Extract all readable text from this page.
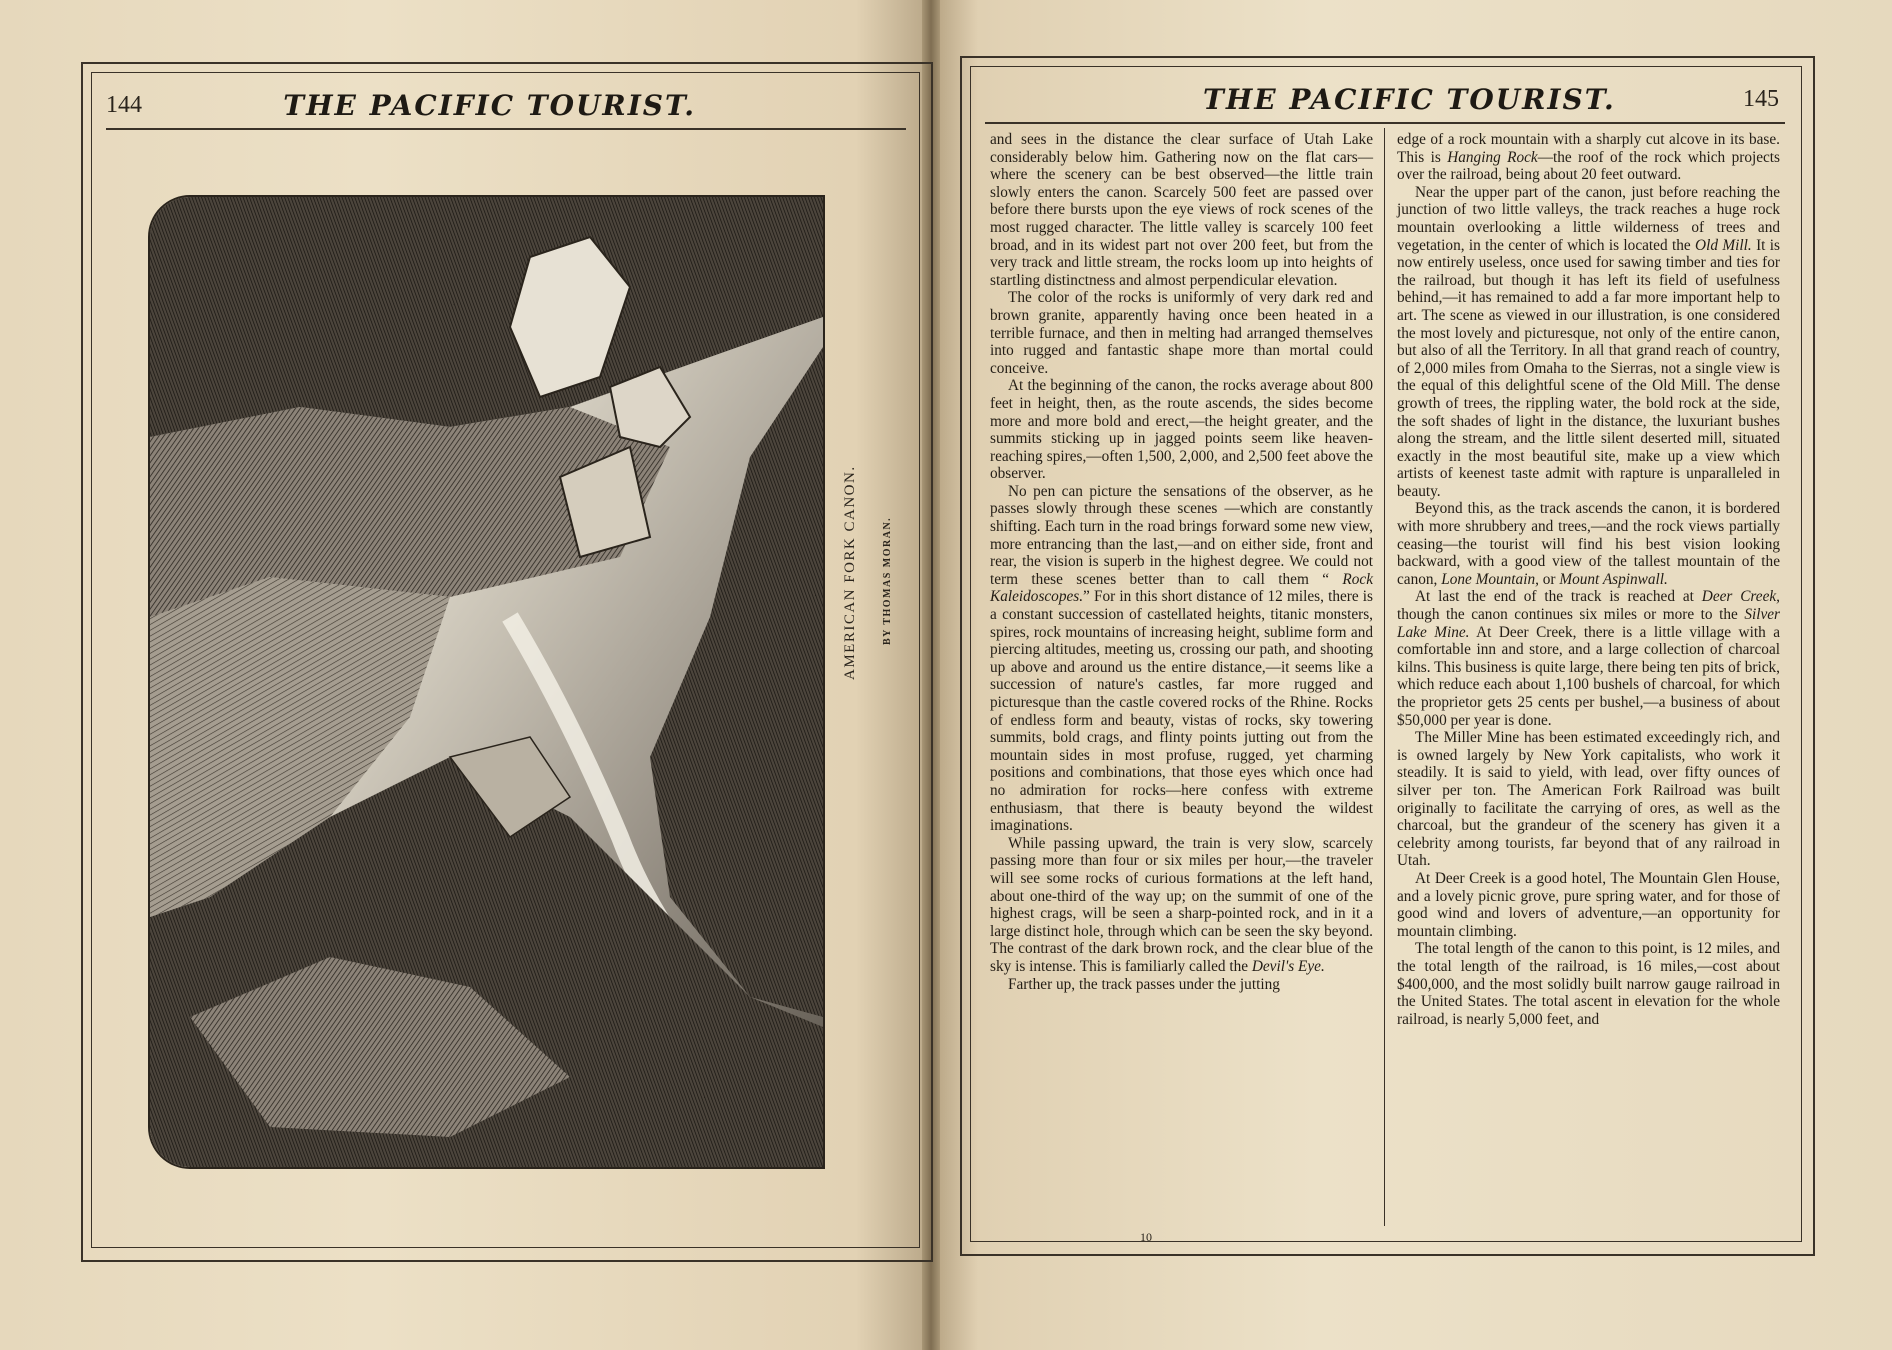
144	THE PACIFIC TOURIST.
AMERICAN FORK CANON. BY THOMAS MORAN.
THE PACIFIC TOURIST.	145

and sees in the distance the clear surface of Utah Lake considerably below him. Gathering now on the flat cars—where the scenery can be best observed—the little train slowly enters the canon. Scarcely 500 feet are passed over before there bursts upon the eye views of rock scenes of the most rugged character. The little valley is scarcely 100 feet broad, and in its widest part not over 200 feet, but from the very track and little stream, the rocks loom up into heights of startling distinctness and almost perpendicular elevation.

The color of the rocks is uniformly of very dark red and brown granite, apparently having once been heated in a terrible furnace, and then in melting had arranged themselves into rugged and fantastic shape more than mortal could conceive.

At the beginning of the canon, the rocks average about 800 feet in height, then, as the route ascends, the sides become more and more bold and erect,—the height greater, and the summits sticking up in jagged points seem like heaven-reaching spires,—often 1,500, 2,000, and 2,500 feet above the observer.

No pen can picture the sensations of the observer, as he passes slowly through these scenes —which are constantly shifting. Each turn in the road brings forward some new view, more entrancing than the last,—and on either side, front and rear, the vision is superb in the highest degree. We could not term these scenes better than to call them “ Rock Kaleidoscopes.” For in this short distance of 12 miles, there is a constant succession of castellated heights, titanic monsters, spires, rock mountains of increasing height, sublime form and piercing altitudes, meeting us, crossing our path, and shooting up above and around us the entire distance,—it seems like a succession of nature's castles, far more rugged and picturesque than the castle covered rocks of the Rhine. Rocks of endless form and beauty, vistas of rocks, sky towering summits, bold crags, and flinty points jutting out from the mountain sides in most profuse, rugged, yet charming positions and combinations, that those eyes which once had no admiration for rocks—here confess with extreme enthusiasm, that there is beauty beyond the wildest imaginations.

While passing upward, the train is very slow, scarcely passing more than four or six miles per hour,—the traveler will see some rocks of curious formations at the left hand, about one-third of the way up; on the summit of one of the highest crags, will be seen a sharp-pointed rock, and in it a large distinct hole, through which can be seen the sky beyond. The contrast of the dark brown rock, and the clear blue of the sky is intense. This is familiarly called the Devil's Eye.

Farther up, the track passes under the jutting

edge of a rock mountain with a sharply cut alcove in its base. This is Hanging Rock—the roof of the rock which projects over the railroad, being about 20 feet outward.

Near the upper part of the canon, just before reaching the junction of two little valleys, the track reaches a huge rock mountain overlooking a little wilderness of trees and vegetation, in the center of which is located the Old Mill. It is now entirely useless, once used for sawing timber and ties for the railroad, but though it has left its field of usefulness behind,—it has remained to add a far more important help to art. The scene as viewed in our illustration, is one considered the most lovely and picturesque, not only of the entire canon, but also of all the Territory. In all that grand reach of country, of 2,000 miles from Omaha to the Sierras, not a single view is the equal of this delightful scene of the Old Mill. The dense growth of trees, the rippling water, the bold rock at the side, the soft shades of light in the distance, the luxuriant bushes along the stream, and the little silent deserted mill, situated exactly in the most beautiful site, make up a view which artists of keenest taste admit with rapture is unparalleled in beauty.

Beyond this, as the track ascends the canon, it is bordered with more shrubbery and trees,—and the rock views partially ceasing—the tourist will find his best vision looking backward, with a good view of the tallest mountain of the canon, Lone Mountain, or Mount Aspinwall.

At last the end of the track is reached at Deer Creek, though the canon continues six miles or more to the Silver Lake Mine. At Deer Creek, there is a little village with a comfortable inn and store, and a large collection of charcoal kilns. This business is quite large, there being ten pits of brick, which reduce each about 1,100 bushels of charcoal, for which the proprietor gets 25 cents per bushel,—a business of about $50,000 per year is done.

The Miller Mine has been estimated exceedingly rich, and is owned largely by New York capitalists, who work it steadily. It is said to yield, with lead, over fifty ounces of silver per ton. The American Fork Railroad was built originally to facilitate the carrying of ores, as well as the charcoal, but the grandeur of the scenery has given it a celebrity among tourists, far beyond that of any railroad in Utah.

At Deer Creek is a good hotel, The Mountain Glen House, and a lovely picnic grove, pure spring water, and for those of good wind and lovers of adventure,—an opportunity for mountain climbing.

The total length of the canon to this point, is 12 miles, and the total length of the railroad, is 16 miles,—cost about $400,000, and the most solidly built narrow gauge railroad in the United States. The total ascent in elevation for the whole railroad, is nearly 5,000 feet, and

10
